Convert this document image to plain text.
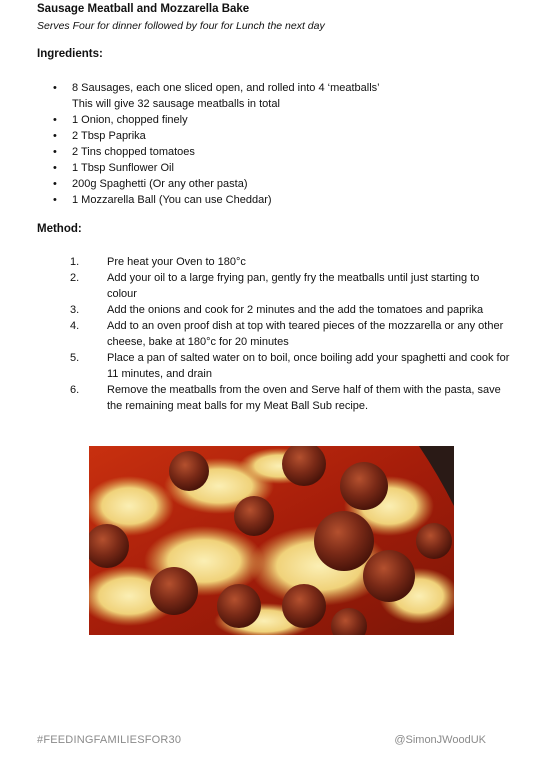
Sausage Meatball and Mozzarella Bake
Serves Four for dinner followed by four for Lunch the next day
Ingredients:
• 8 Sausages, each one sliced open, and rolled into 4 ‘meatballs’
This will give 32 sausage meatballs in total
• 1 Onion, chopped finely
• 2 Tbsp Paprika
• 2 Tins chopped tomatoes
• 1 Tbsp Sunflower Oil
• 200g Spaghetti (Or any other pasta)
• 1 Mozzarella Ball (You can use Cheddar)
Method:
1.	Pre heat your Oven to 180°c
2.	Add your oil to a large frying pan, gently fry the meatballs until just starting to colour
3.	Add the onions and cook for 2 minutes and the add the tomatoes and paprika
4.	Add to an oven proof dish at top with teared pieces of the mozzarella or any other cheese, bake at 180°c for 20 minutes
5.	Place a pan of salted water on to boil, once boiling add your spaghetti and cook for 11 minutes, and drain
6.	Remove the meatballs from the oven and Serve half of them with the pasta, save the remaining meat balls for my Meat Ball Sub recipe.
#FEEDINGFAMILIESFOR30	@SimonJWoodUK
